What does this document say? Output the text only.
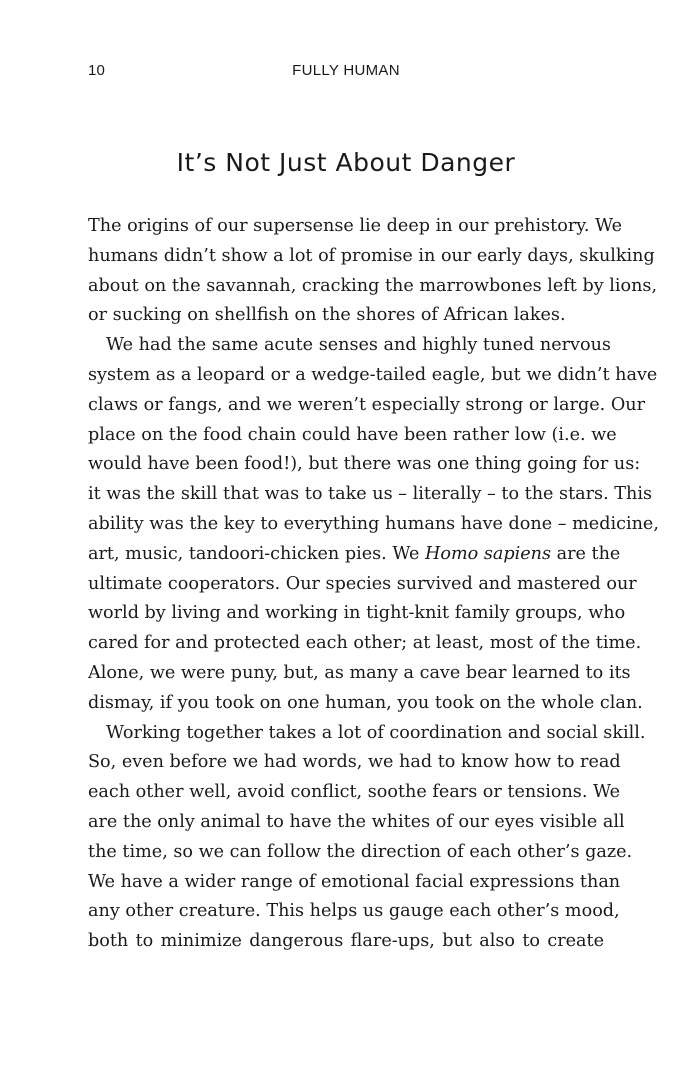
10	FULLY HUMAN
It’s Not Just About Danger
The origins of our supersense lie deep in our prehistory. We
humans didn’t show a lot of promise in our early days, skulking
about on the savannah, cracking the marrowbones left by lions,
or sucking on shellfish on the shores of African lakes.
We had the same acute senses and highly tuned nervous
system as a leopard or a wedge-tailed eagle, but we didn’t have
claws or fangs, and we weren’t especially strong or large. Our
place on the food chain could have been rather low (i.e. we
would have been food!), but there was one thing going for us:
it was the skill that was to take us – literally – to the stars. This
ability was the key to everything humans have done – medicine,
art, music, tandoori-chicken pies. We Homo sapiens are the
ultimate cooperators. Our species survived and mastered our
world by living and working in tight-knit family groups, who
cared for and protected each other; at least, most of the time.
Alone, we were puny, but, as many a cave bear learned to its
dismay, if you took on one human, you took on the whole clan.
Working together takes a lot of coordination and social skill.
So, even before we had words, we had to know how to read
each other well, avoid conflict, soothe fears or tensions. We
are the only animal to have the whites of our eyes visible all
the time, so we can follow the direction of each other’s gaze.
We have a wider range of emotional facial expressions than
any other creature. This helps us gauge each other’s mood,
both to minimize dangerous flare-ups, but also to create
